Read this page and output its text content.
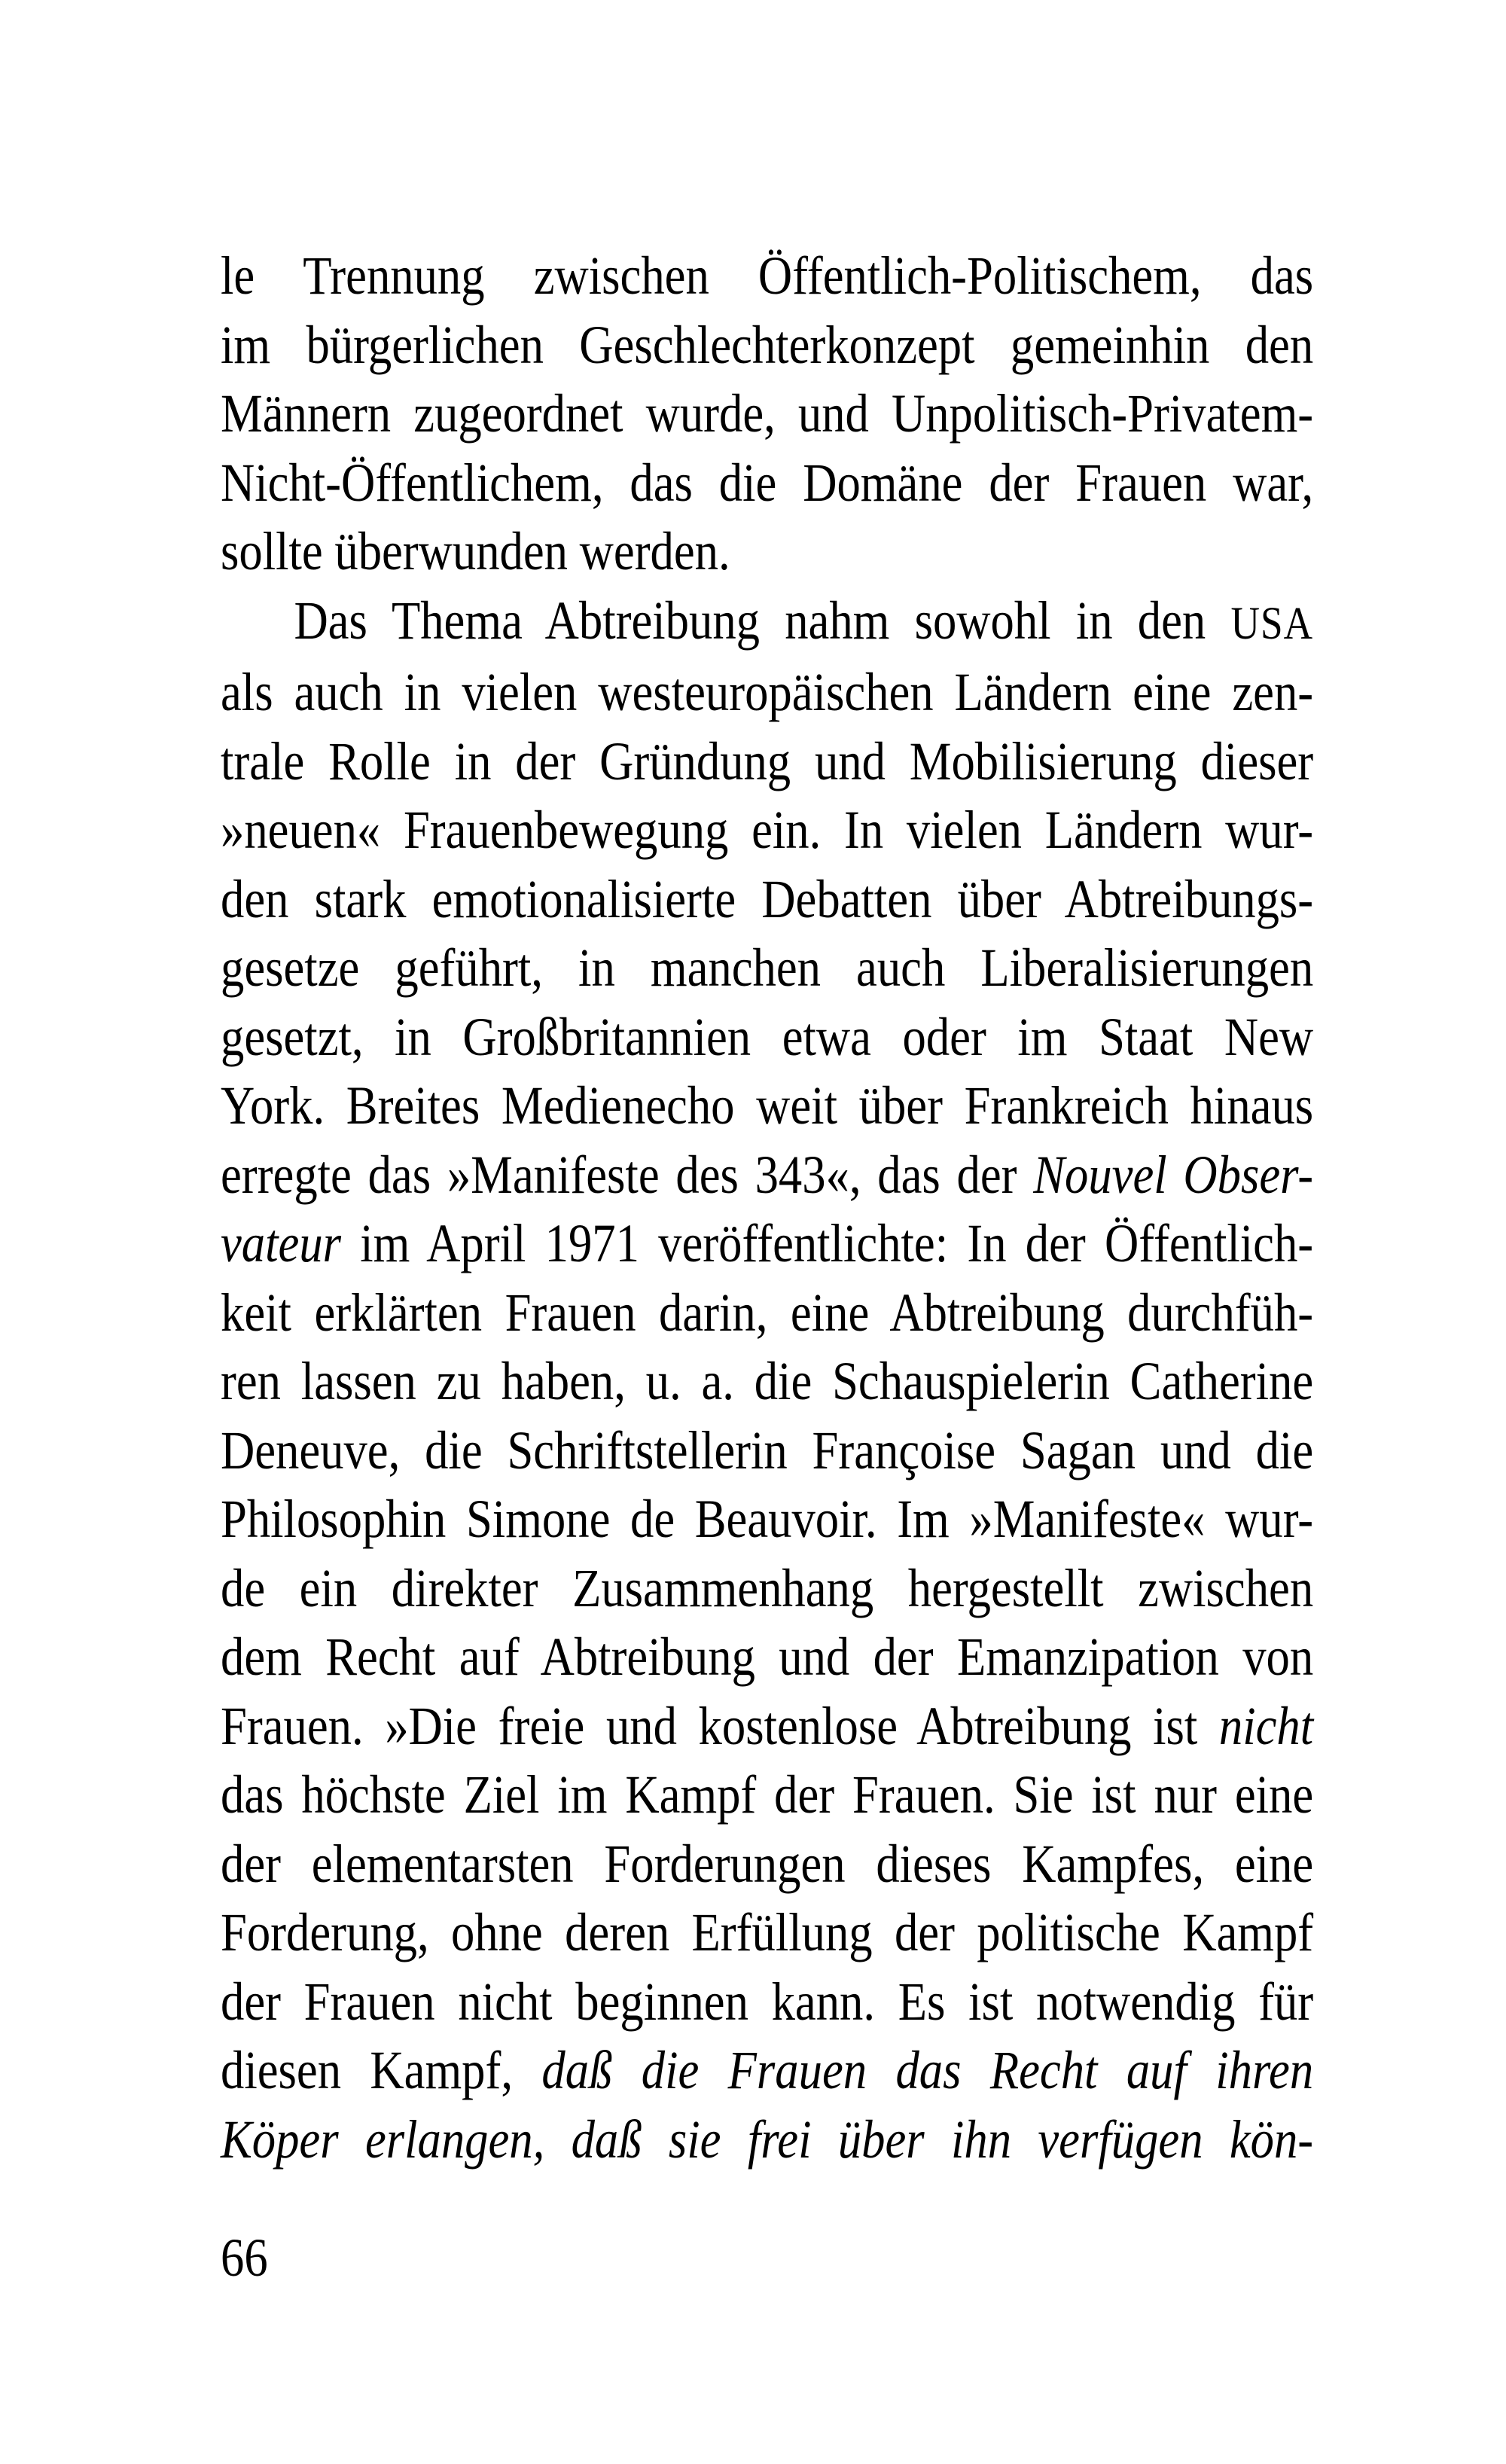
le Trennung zwischen Öffentlich-Politischem, das
im bürgerlichen Geschlechterkonzept gemeinhin den
Männern zugeordnet wurde, und Unpolitisch-Privatem-
Nicht-Öffentlichem, das die Domäne der Frauen war,
sollte überwunden werden.
Das Thema Abtreibung nahm sowohl in den USA
als auch in vielen westeuropäischen Ländern eine zen-
trale Rolle in der Gründung und Mobilisierung dieser
»neuen« Frauenbewegung ein. In vielen Ländern wur-
den stark emotionalisierte Debatten über Abtreibungs-
gesetze geführt, in manchen auch Liberalisierungen
gesetzt, in Großbritannien etwa oder im Staat New
York. Breites Medienecho weit über Frankreich hinaus
erregte das »Manifeste des 343«, das der Nouvel Obser-
vateur im April 1971 veröffentlichte: In der Öffentlich-
keit erklärten Frauen darin, eine Abtreibung durchfüh-
ren lassen zu haben, u. a. die Schauspielerin Catherine
Deneuve, die Schriftstellerin Françoise Sagan und die
Philosophin Simone de Beauvoir. Im »Manifeste« wur-
de ein direkter Zusammenhang hergestellt zwischen
dem Recht auf Abtreibung und der Emanzipation von
Frauen. »Die freie und kostenlose Abtreibung ist nicht
das höchste Ziel im Kampf der Frauen. Sie ist nur eine
der elementarsten Forderungen dieses Kampfes, eine
Forderung, ohne deren Erfüllung der politische Kampf
der Frauen nicht beginnen kann. Es ist notwendig für
diesen Kampf, daß die Frauen das Recht auf ihren
Köper erlangen, daß sie frei über ihn verfügen kön-
66
